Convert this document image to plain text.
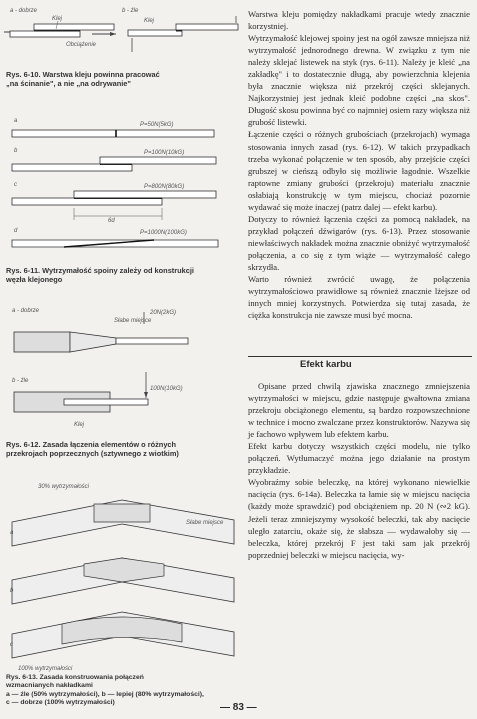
a - dobrze	b - źle
Klej	Klej
Obciążenie
Rys. 6-10. Warstwa kleju powinna pracować
„na ścinanie", a nie „na odrywanie"
a
P=50N(5kG)
b	P=100N(10kG)
c	P=800N(80kG)
6d
d	P=1000N(100kG)
Rys. 6-11. Wytrzymałość spoiny zależy od konstrukcji
węzła klejonego
a - dobrze
Słabe miejsce
20N(2kG)
b - źle
100N(10kG)
Klej
Rys. 6-12. Zasada łączenia elementów o różnych
przekrojach poprzecznych (sztywnego z wiotkim)
30% wytrzymałości
a
Słabe miejsce
b
c
100% wytrzymałości
Rys. 6-13. Zasada konstruowania połączeń
wzmacnianych nakładkami
a — źle (50% wytrzymałości), b — lepiej (80% wytrzymałości),
c — dobrze (100% wytrzymałości)

Warstwa kleju pomiędzy nakładkami pracuje wtedy znacznie korzystniej.

Wytrzymałość klejowej spoiny jest na ogół zawsze mniejsza niż wytrzymałość jednorodnego drewna. W związku z tym nie należy sklejać listewek na styk (rys. 6-11). Należy je kleić „na zakładkę" i to dostatecznie długą, aby powierzchnia klejenia była znacznie większa niż przekrój części sklejanych. Najkorzystniej jest jednak kleić podobne części „na skos". Długość skosu powinna być co najmniej osiem razy większa niż grubość listewki.

Łączenie części o różnych grubościach (przekrojach) wymaga stosowania innych zasad (rys. 6-12). W takich przypadkach trzeba wykonać połączenie w ten sposób, aby przejście części grubszej w cieńszą odbyło się możliwie łagodnie. Wszelkie raptowne zmiany grubości (przekroju) materiału znacznie osłabiają konstrukcję w tym miejscu, chociaż pozornie wydawać się może inaczej (patrz dalej — efekt karbu).

Dotyczy to również łączenia części za pomocą nakładek, na przykład połączeń dźwigarów (rys. 6-13). Przez stosowanie niewłaściwych nakładek można znacznie obniżyć wytrzymałość połączenia, a co się z tym wiąże — wytrzymałość całego skrzydła.

Warto również zwrócić uwagę, że połączenia wytrzymałościowo prawidłowe są również znacznie lżejsze od innych mniej korzystnych. Potwierdza się tutaj zasada, że ciężka konstrukcja nie zawsze musi być mocna.

Efekt karbu

Opisane przed chwilą zjawiska znacznego zmniejszenia wytrzymałości w miejscu, gdzie następuje gwałtowna zmiana przekroju obciążonego elementu, są bardzo rozpowszechnione w technice i mocno zwalczane przez konstruktorów. Nazywa się je fachowo wpływem lub efektem karbu.

Efekt karbu dotyczy wszystkich części modelu, nie tylko połączeń. Wytłumaczyć można jego działanie na prostym przykładzie.

Wyobraźmy sobie beleczkę, na której wykonano niewielkie nacięcia (rys. 6-14a). Beleczka ta łamie się w miejscu nacięcia (każdy może sprawdzić) pod obciążeniem np. 20 N (∾2 kG). Jeżeli teraz zmniejszymy wysokość beleczki, tak aby nacięcie uległo zatarciu, okaże się, że słabsza — wydawałoby się — beleczka, której przekrój F jest taki sam jak przekrój poprzedniej beleczki w miejscu nacięcia, wy-

— 83 —
